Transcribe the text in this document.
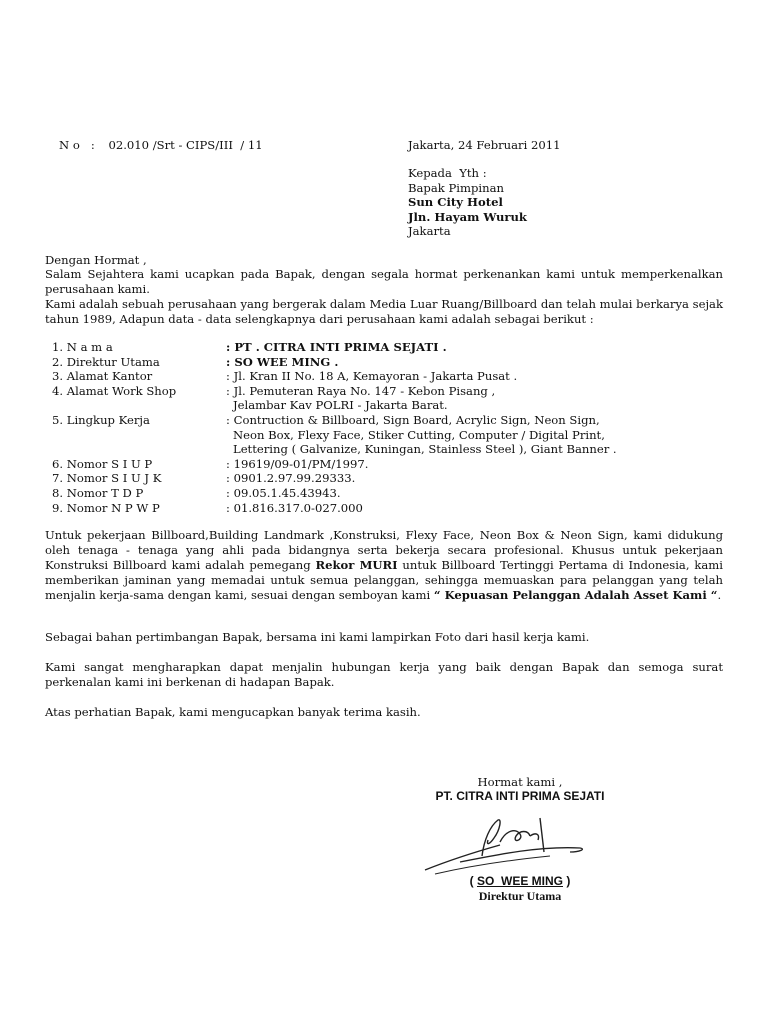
N o   : 02.010 /Srt - CIPS/III  / 11	Jakarta, 24 Februari 2011
Kepada  Yth :
Bapak Pimpinan
Sun City Hotel
Jln. Hayam Wuruk
Jakarta
Dengan Hormat ,
Salam Sejahtera kami ucapkan pada Bapak, dengan segala hormat perkenankan kami untuk memperkenalkan perusahaan kami.
Kami adalah sebuah perusahaan yang bergerak dalam Media Luar Ruang/Billboard dan telah mulai berkarya sejak tahun 1989, Adapun data - data selengkapnya dari perusahaan kami adalah sebagai berikut :
1. N a m a	: PT . CITRA INTI PRIMA SEJATI .
2. Direktur Utama	: SO WEE MING .
3. Alamat Kantor	: Jl. Kran II No. 18 A, Kemayoran - Jakarta Pusat .
4. Alamat Work Shop	: Jl. Pemuteran Raya No. 147 - Kebon Pisang ,
Jelambar Kav POLRI - Jakarta Barat.
5. Lingkup Kerja	: Contruction & Billboard, Sign Board, Acrylic Sign, Neon Sign,
Neon Box, Flexy Face, Stiker Cutting, Computer / Digital Print,
Lettering ( Galvanize, Kuningan, Stainless Steel ), Giant Banner .
6. Nomor S I U P	: 19619/09-01/PM/1997.
7. Nomor S I U J K	: 0901.2.97.99.29333.
8. Nomor T D P	: 09.05.1.45.43943.
9. Nomor N P W P	: 01.816.317.0-027.000
Untuk pekerjaan Billboard,Building Landmark ,Konstruksi, Flexy Face, Neon Box & Neon Sign, kami didukung oleh tenaga - tenaga yang ahli pada bidangnya serta bekerja secara profesional. Khusus untuk pekerjaan Konstruksi Billboard kami adalah pemegang Rekor MURI untuk Billboard Tertinggi Pertama di Indonesia, kami memberikan jaminan yang memadai untuk semua pelanggan, sehingga memuaskan para pelanggan yang telah menjalin kerja-sama dengan kami, sesuai dengan semboyan kami “ Kepuasan Pelanggan Adalah Asset Kami “.
Sebagai bahan pertimbangan Bapak, bersama ini kami lampirkan Foto dari hasil kerja kami.
Kami sangat mengharapkan dapat menjalin hubungan kerja yang baik dengan Bapak dan semoga surat perkenalan kami ini berkenan di hadapan Bapak.
Atas perhatian Bapak, kami mengucapkan banyak terima kasih.
Hormat kami ,
PT. CITRA INTI PRIMA SEJATI
( SO  WEE MING )
Direktur Utama
